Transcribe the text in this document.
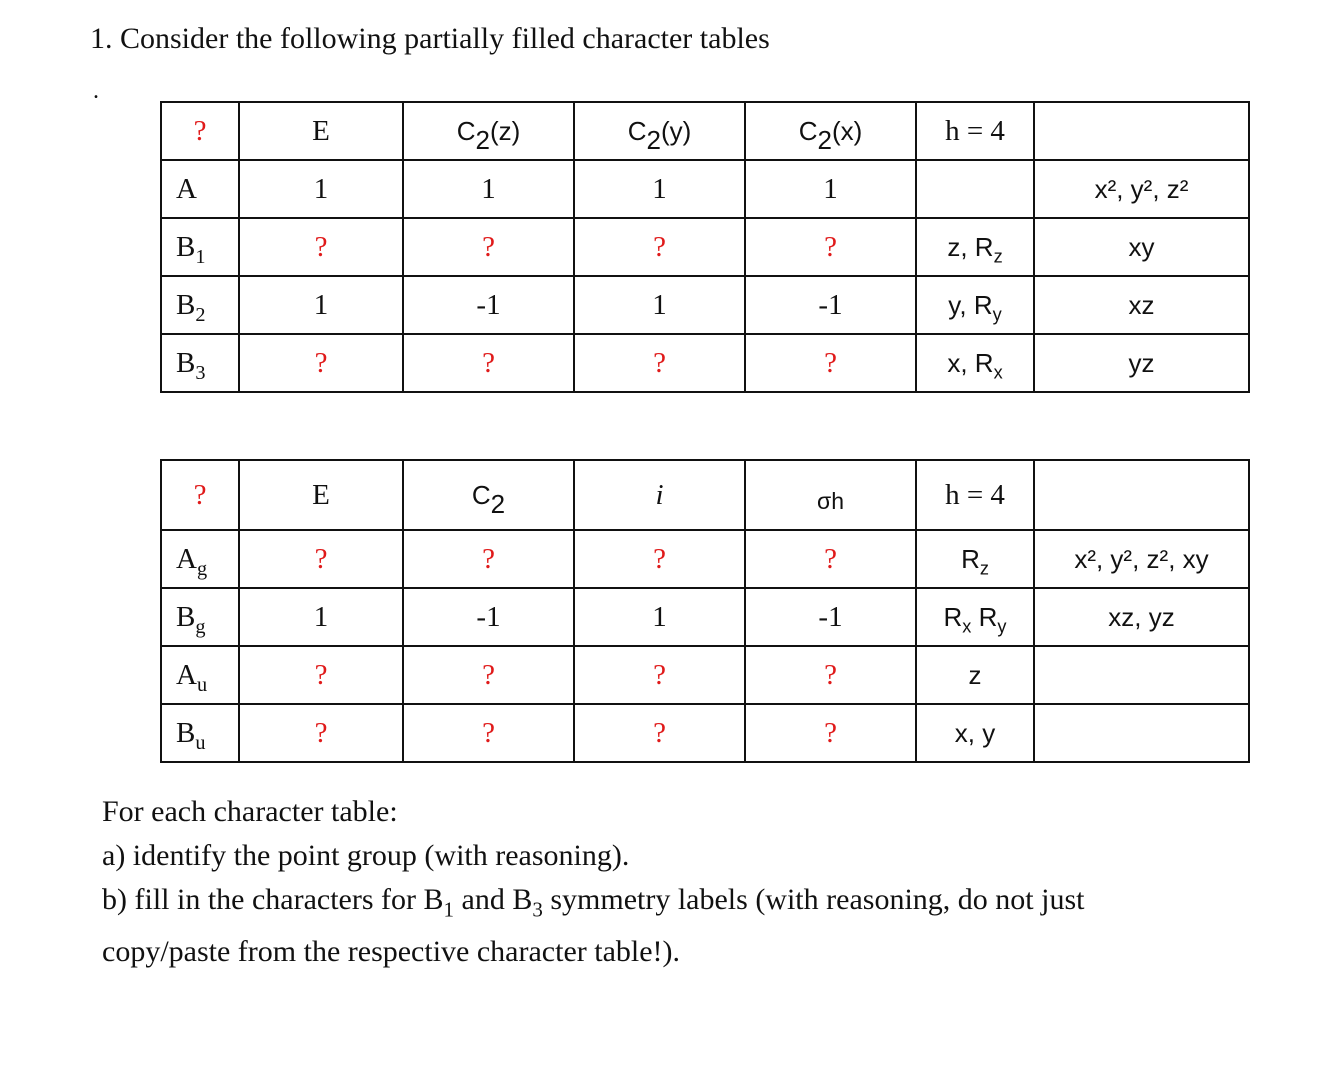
1. Consider the following partially filled character tables
.
?	E	$C_2(z)$	$C_2(y)$	$C_2(x)$	h = 4	
A	1	1	1	1		x², y², z²
$B_1$	?	?	?	?	z, $R_z$	xy
$B_2$	1	-1	1	-1	y, $R_y$	xz
$B_3$	?	?	?	?	x, $R_x$	yz
?	E	$C_2$	i	σh	h = 4	
$A_g$	?	?	?	?	$R_z$	x², y², z², xy
$B_g$	1	-1	1	-1	$R_x$ $R_y$	xz, yz
$A_u$	?	?	?	?	z	
$B_u$	?	?	?	?	x, y	
For each character table:
a) identify the point group (with reasoning).
b) fill in the characters for $B_1$ and $B_3$ symmetry labels (with reasoning, do not just
copy/paste from the respective character table!).
